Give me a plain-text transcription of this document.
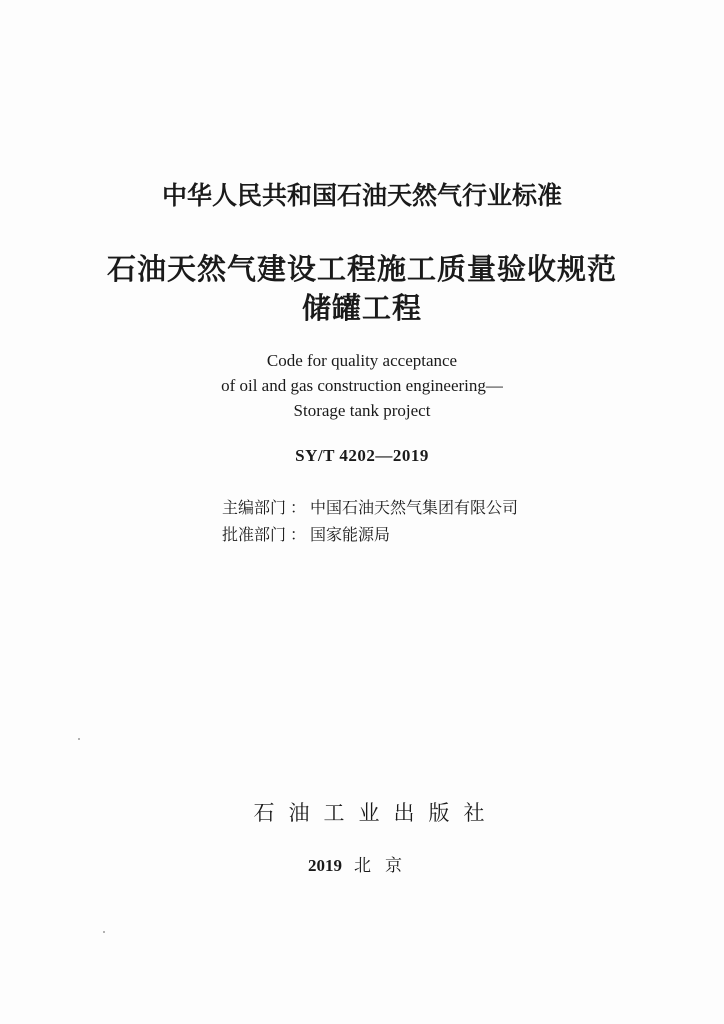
中华人民共和国石油天然气行业标准
石油天然气建设工程施工质量验收规范
储罐工程
Code for quality acceptance
of oil and gas construction engineering—
Storage tank project
SY/T 4202—2019
主编部门 ： 中国石油天然气集团有限公司
批准部门 ： 国家能源局
石油工业出版社
2019 北京
